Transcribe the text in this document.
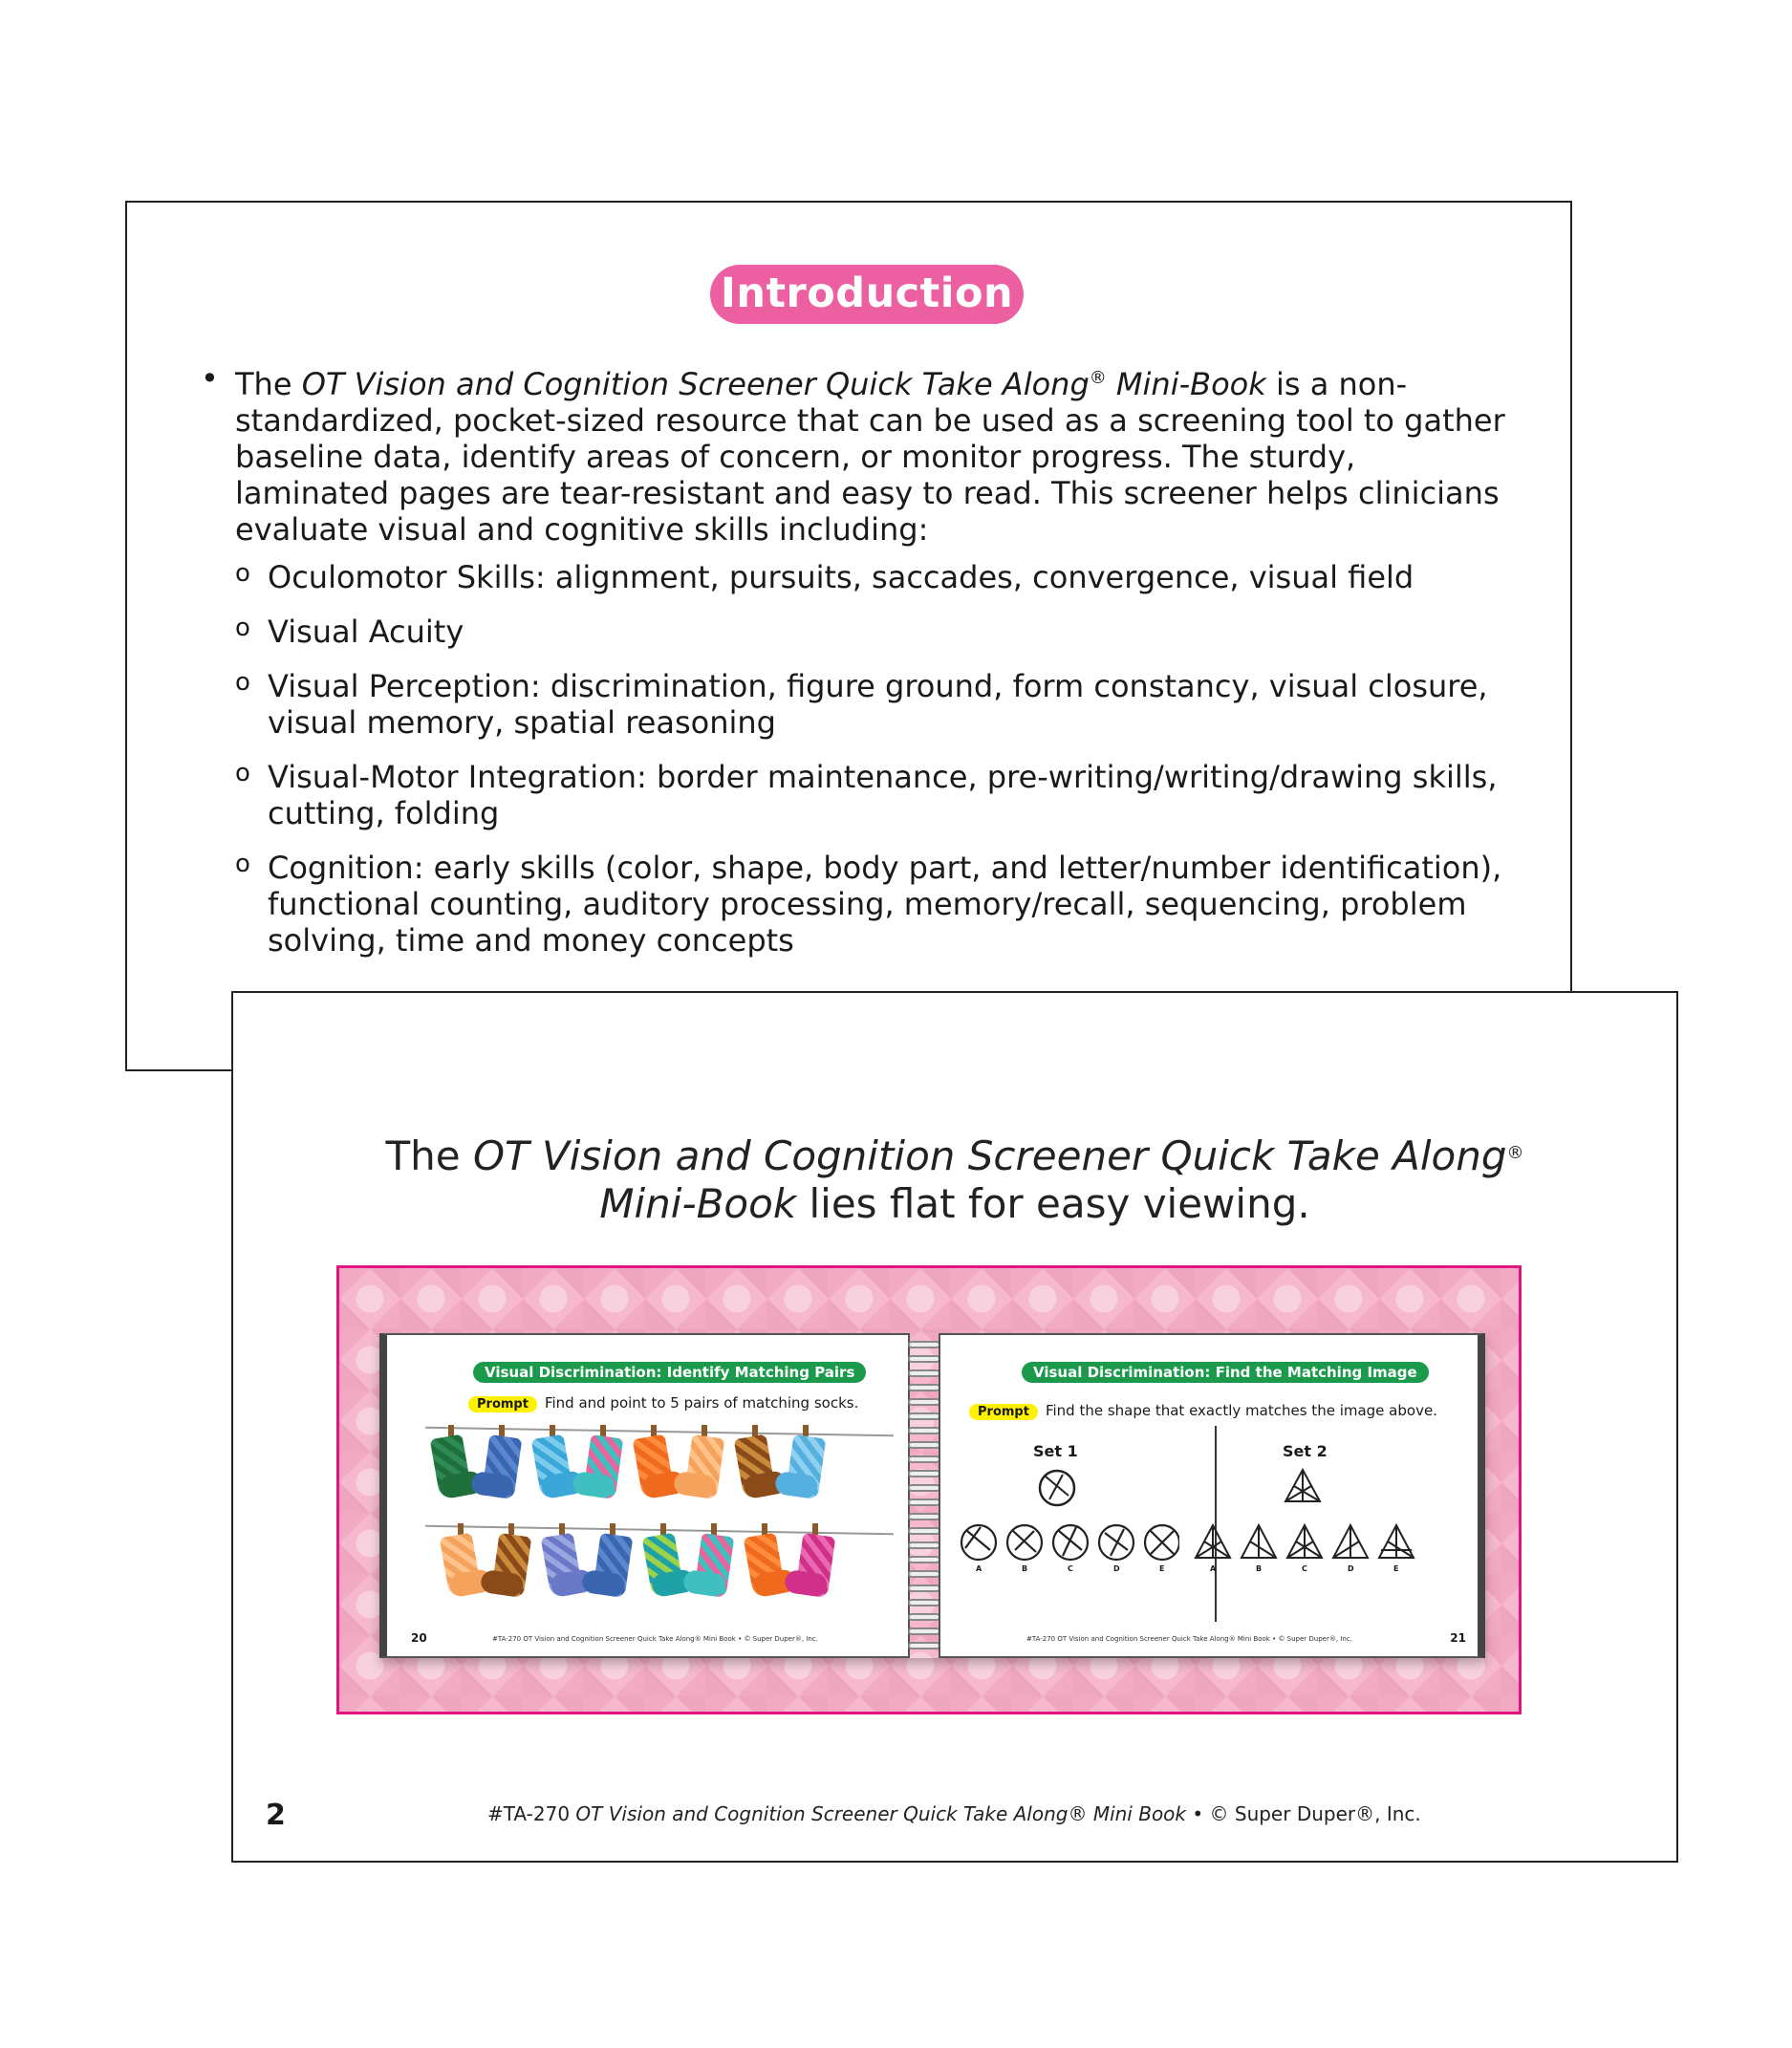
Introduction
• The OT Vision and Cognition Screener Quick Take Along® Mini-Book is a non-standardized, pocket-sized resource that can be used as a screening tool to gather baseline data, identify areas of concern, or monitor progress. The sturdy, laminated pages are tear-resistant and easy to read. This screener helps clinicians evaluate visual and cognitive skills including:
o Oculomotor Skills: alignment, pursuits, saccades, convergence, visual field
o Visual Acuity
o Visual Perception: discrimination, figure ground, form constancy, visual closure, visual memory, spatial reasoning
o Visual-Motor Integration: border maintenance, pre-writing/writing/drawing skills, cutting, folding
o Cognition: early skills (color, shape, body part, and letter/number identification), functional counting, auditory processing, memory/recall, sequencing, problem solving, time and money concepts
The OT Vision and Cognition Screener Quick Take Along®
Mini-Book lies flat for easy viewing.
Visual Discrimination: Identify Matching Pairs
Prompt Find and point to 5 pairs of matching socks.
20	#TA-270 OT Vision and Cognition Screener Quick Take Along® Mini Book • © Super Duper®, Inc.
Visual Discrimination: Find the Matching Image
Prompt Find the shape that exactly matches the image above.
Set 1	Set 2
A	B	C	D	E	A	B	C	D	E
#TA-270 OT Vision and Cognition Screener Quick Take Along® Mini Book • © Super Duper®, Inc.	21
2	#TA-270 OT Vision and Cognition Screener Quick Take Along® Mini Book • © Super Duper®, Inc.
